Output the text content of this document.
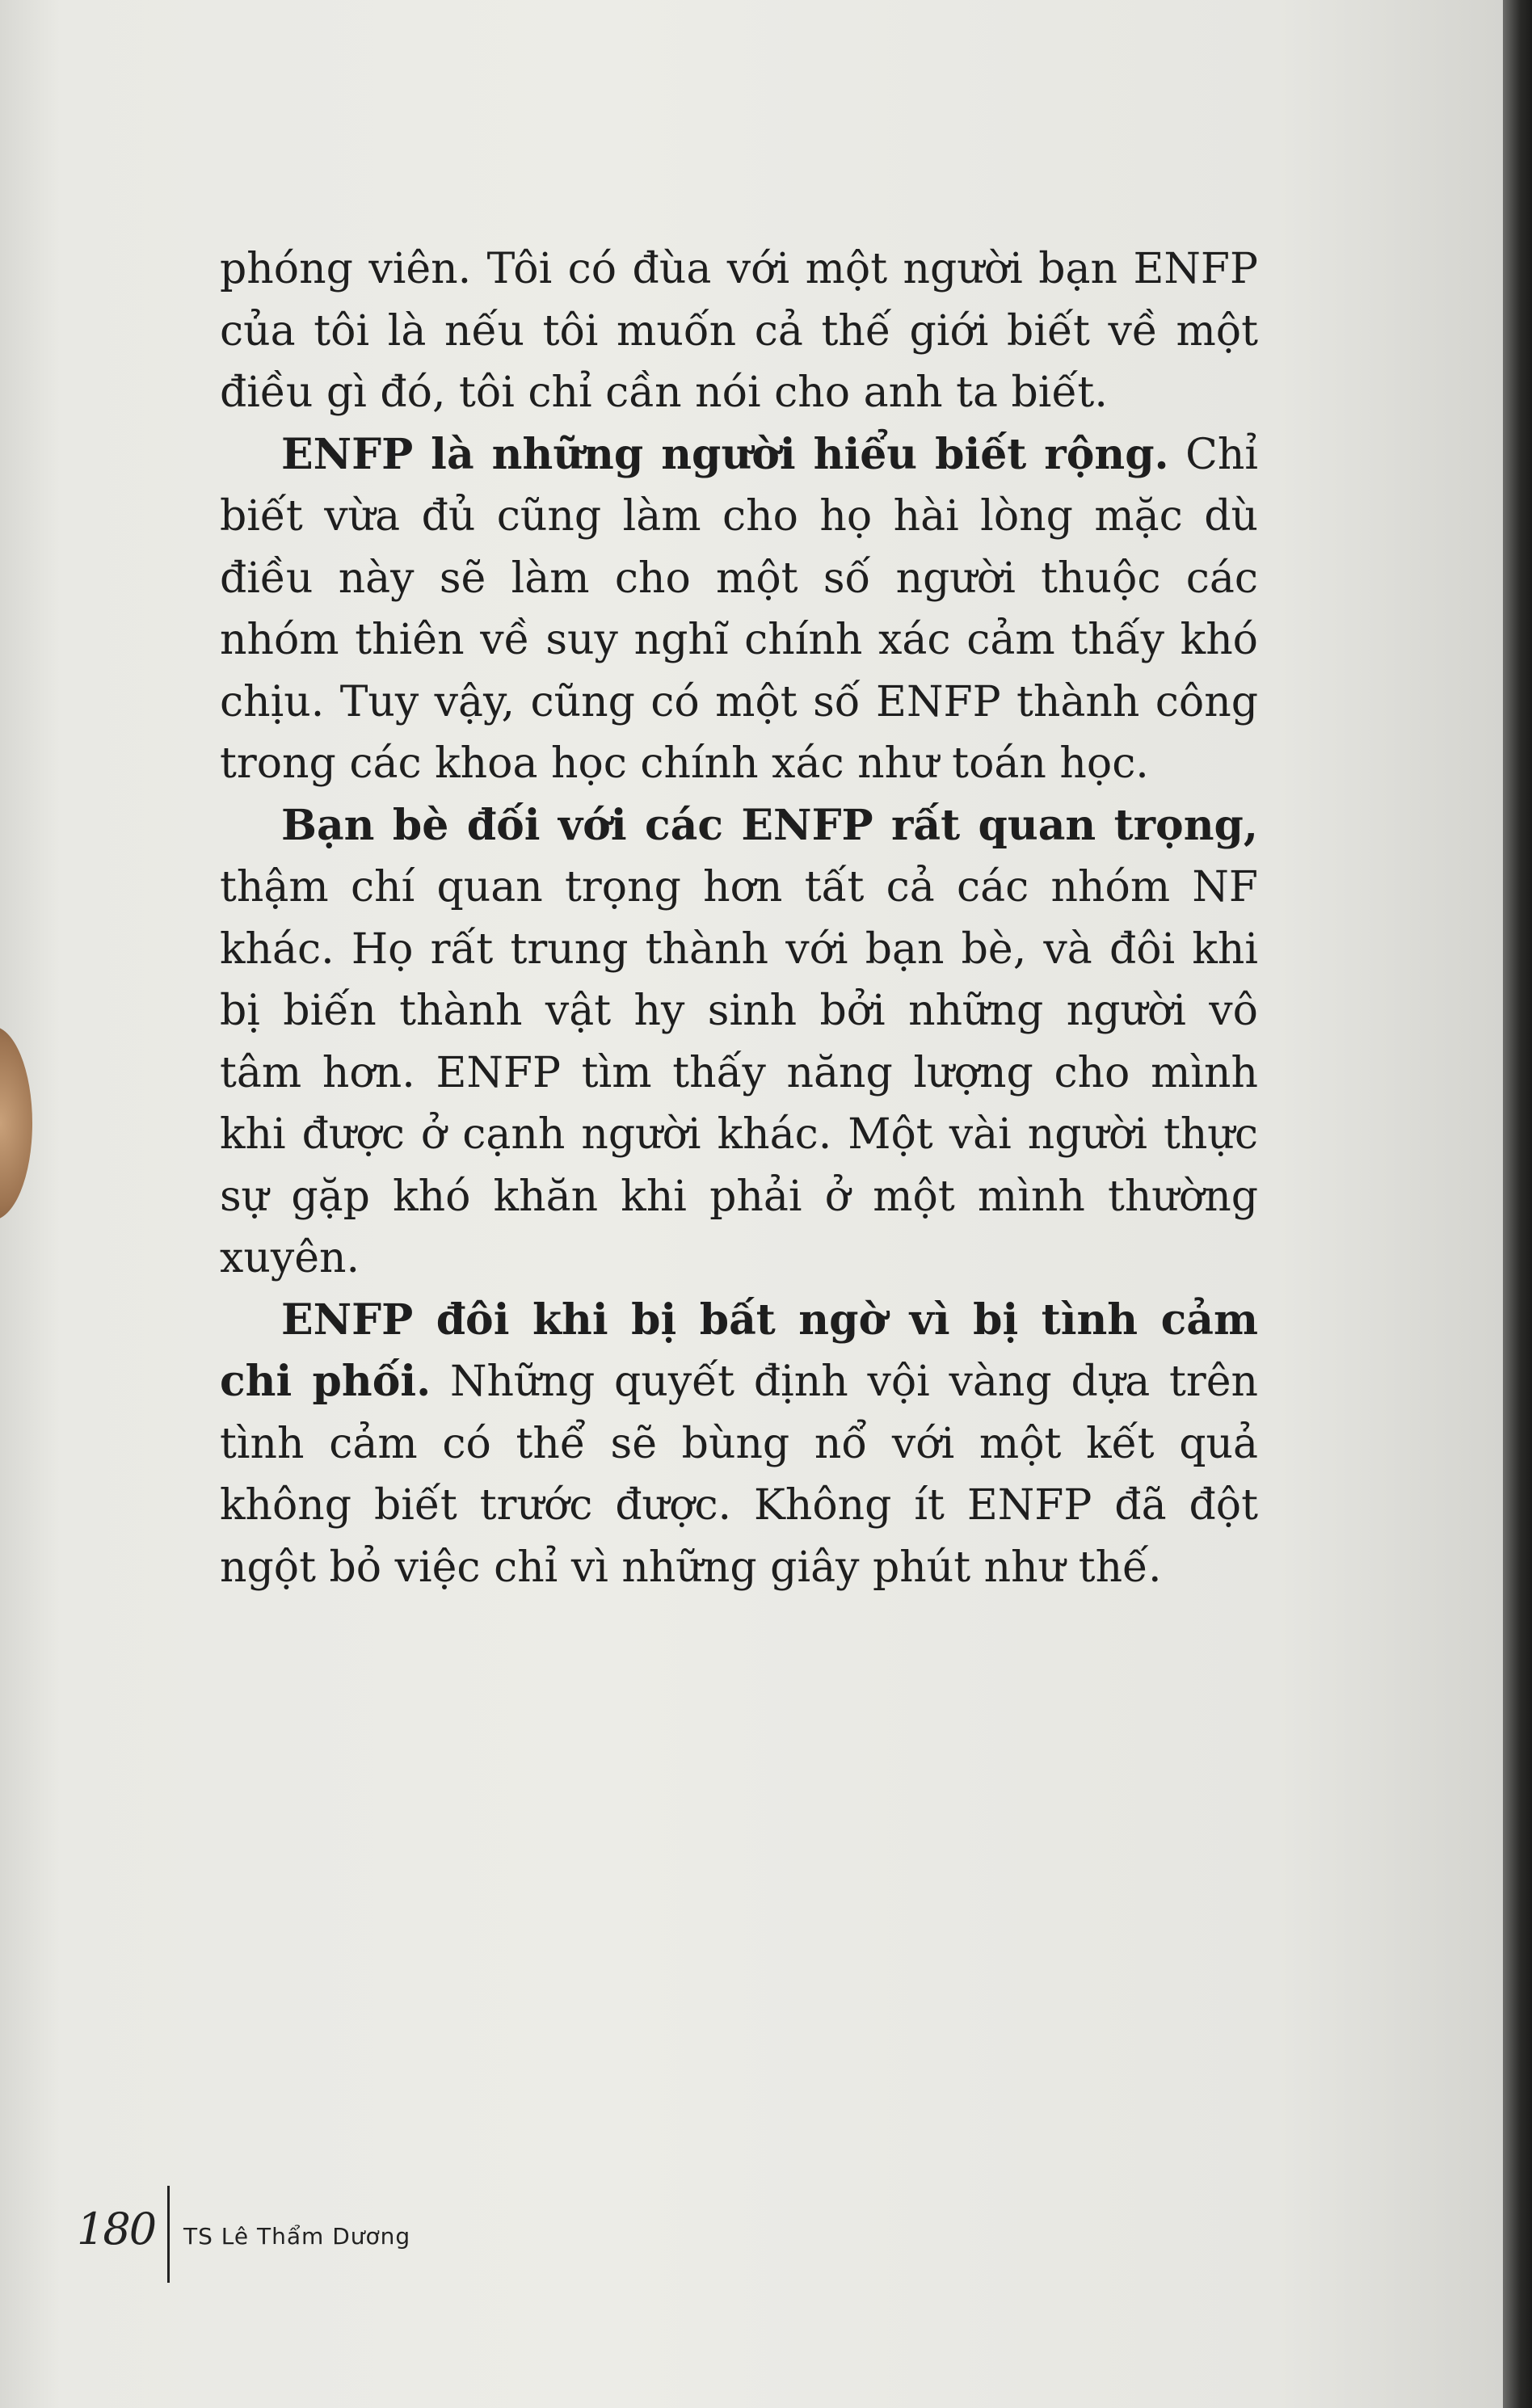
phóng viên. Tôi có đùa với một người bạn ENFP của tôi là nếu tôi muốn cả thế giới biết về một điều gì đó, tôi chỉ cần nói cho anh ta biết.

ENFP là những người hiểu biết rộng. Chỉ biết vừa đủ cũng làm cho họ hài lòng mặc dù điều này sẽ làm cho một số người thuộc các nhóm thiên về suy nghĩ chính xác cảm thấy khó chịu. Tuy vậy, cũng có một số ENFP thành công trong các khoa học chính xác như toán học.

Bạn bè đối với các ENFP rất quan trọng, thậm chí quan trọng hơn tất cả các nhóm NF khác. Họ rất trung thành với bạn bè, và đôi khi bị biến thành vật hy sinh bởi những người vô tâm hơn. ENFP tìm thấy năng lượng cho mình khi được ở cạnh người khác. Một vài người thực sự gặp khó khăn khi phải ở một mình thường xuyên.

ENFP đôi khi bị bất ngờ vì bị tình cảm chi phối. Những quyết định vội vàng dựa trên tình cảm có thể sẽ bùng nổ với một kết quả không biết trước được. Không ít ENFP đã đột ngột bỏ việc chỉ vì những giây phút như thế.

180 TS Lê Thẩm Dương
